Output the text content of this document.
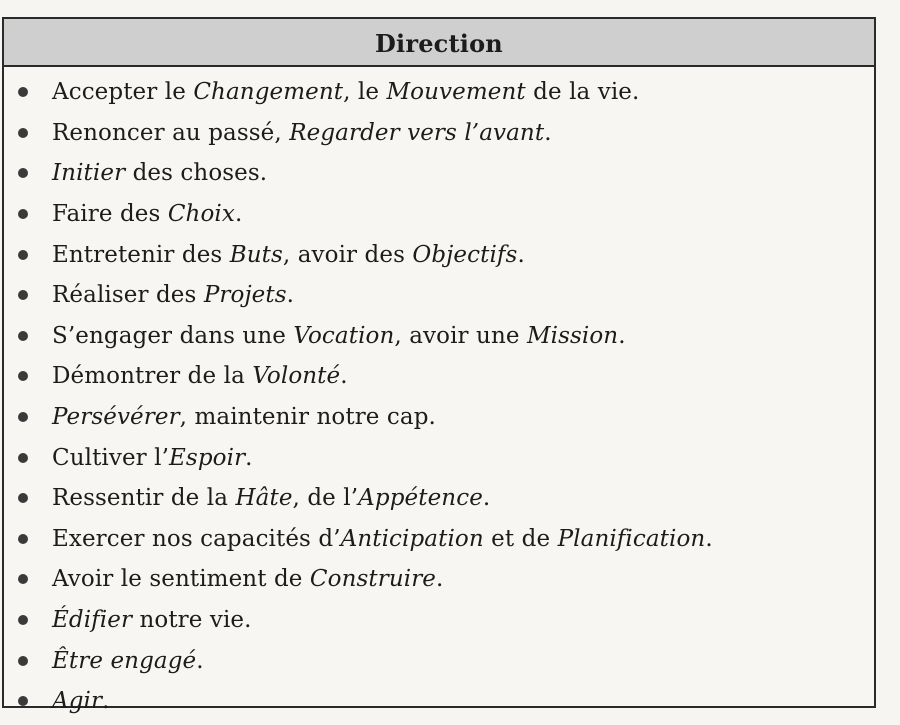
Direction
Accepter le Changement, le Mouvement de la vie.
Renoncer au passé, Regarder vers l’avant.
Initier des choses.
Faire des Choix.
Entretenir des Buts, avoir des Objectifs.
Réaliser des Projets.
S’engager dans une Vocation, avoir une Mission.
Démontrer de la Volonté.
Persévérer, maintenir notre cap.
Cultiver l’Espoir.
Ressentir de la Hâte, de l’Appétence.
Exercer nos capacités d’Anticipation et de Planification.
Avoir le sentiment de Construire.
Édifier notre vie.
Être engagé.
Agir.
